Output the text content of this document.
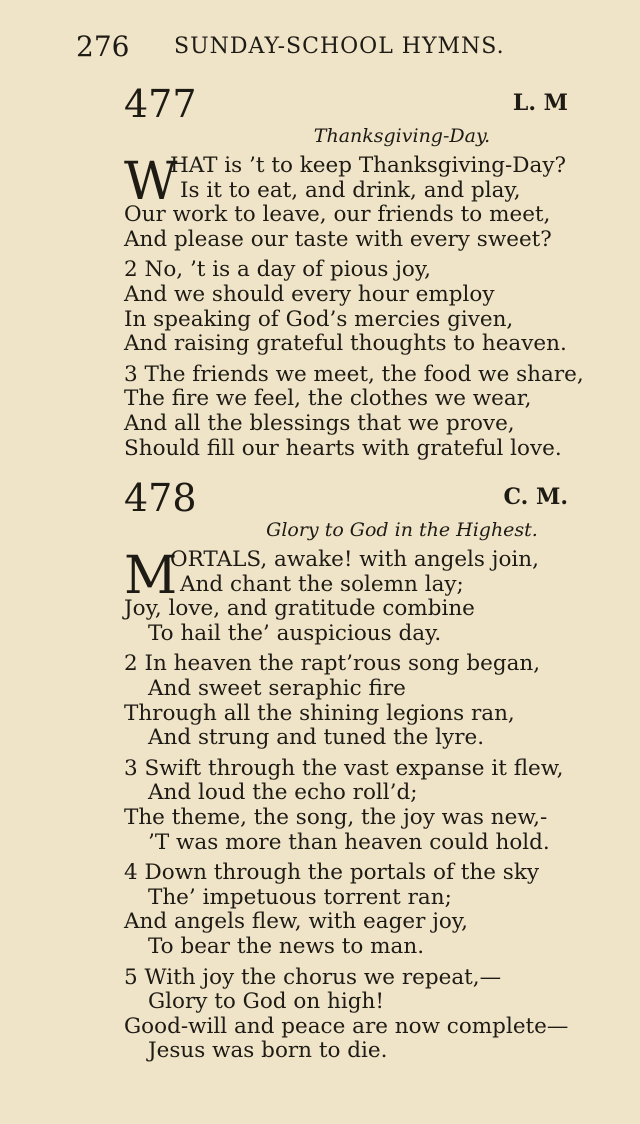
276 SUNDAY-SCHOOL HYMNS.
477	L. M
Thanksgiving-Day.
W
HAT is ’t to keep Thanksgiving-Day?
Is it to eat, and drink, and play,
Our work to leave, our friends to meet,
And please our taste with every sweet?
2 No, ’t is a day of pious joy,
And we should every hour employ
In speaking of God’s mercies given,
And raising grateful thoughts to heaven.
3 The friends we meet, the food we share,
The fire we feel, the clothes we wear,
And all the blessings that we prove,
Should fill our hearts with grateful love.
478	C. M.
Glory to God in the Highest.
M
ORTALS, awake! with angels join,
And chant the solemn lay;
Joy, love, and gratitude combine
To hail the’ auspicious day.
2 In heaven the rapt’rous song began,
And sweet seraphic fire
Through all the shining legions ran,
And strung and tuned the lyre.
3 Swift through the vast expanse it flew,
And loud the echo roll’d;
The theme, the song, the joy was new,-
’T was more than heaven could hold.
4 Down through the portals of the sky
The’ impetuous torrent ran;
And angels flew, with eager joy,
To bear the news to man.
5 With joy the chorus we repeat,—
Glory to God on high!
Good-will and peace are now complete—
Jesus was born to die.
